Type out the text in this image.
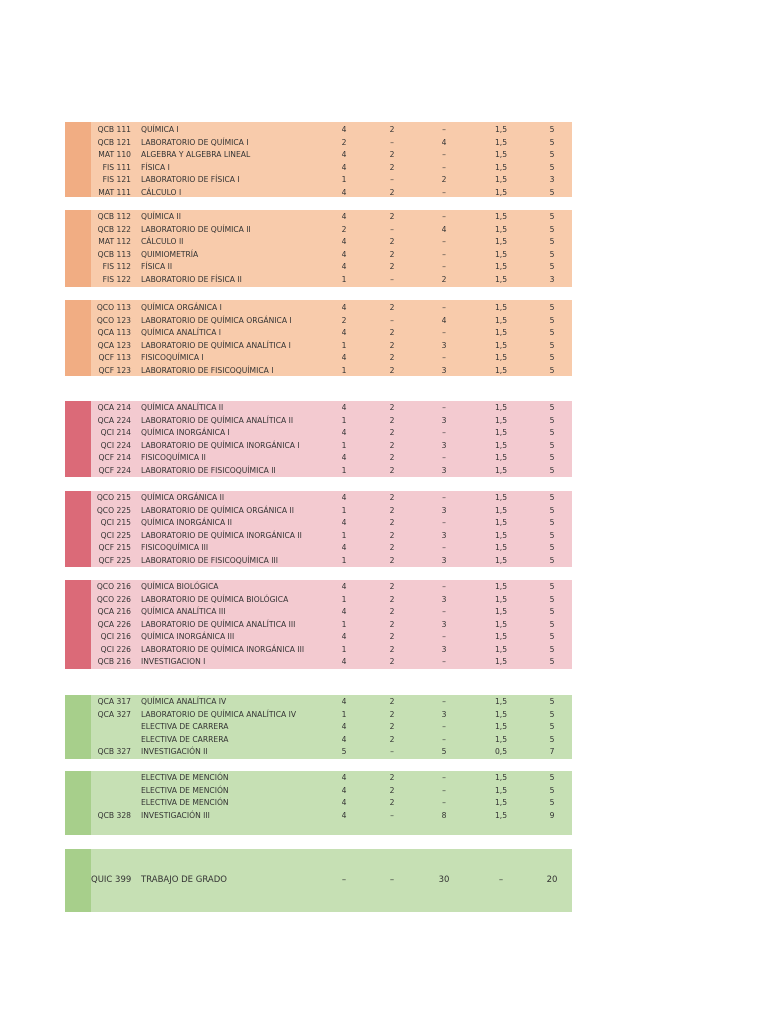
QCB 111 QUÍMICA I	4	2	–	1,5	5
QCB 121 LABORATORIO DE QUÍMICA I	2	–	4	1,5	5
MAT 110 ALGEBRA Y ALGEBRA LINEAL	4	2	–	1,5	5
FIS 111 FÍSICA I	4	2	–	1,5	5
FIS 121 LABORATORIO DE FÍSICA I	1	–	2	1,5	3
MAT 111 CÁLCULO I	4	2	–	1,5	5
QCB 112 QUÍMICA II	4	2	–	1,5	5
QCB 122 LABORATORIO DE QUÍMICA II	2	–	4	1,5	5
MAT 112 CÁLCULO II	4	2	–	1,5	5
QCB 113 QUIMIOMETRÍA	4	2	–	1,5	5
FIS 112 FÍSICA II	4	2	–	1,5	5
FIS 122 LABORATORIO DE FÍSICA II	1	–	2	1,5	3
QCO 113 QUÍMICA ORGÁNICA I	4	2	–	1,5	5
QCO 123 LABORATORIO DE QUÍMICA ORGÁNICA I	2	–	4	1,5	5
QCA 113 QUÍMICA ANALÍTICA I	4	2	–	1,5	5
QCA 123 LABORATORIO DE QUÍMICA ANALÍTICA I	1	2	3	1,5	5
QCF 113 FISICOQUÍMICA I	4	2	–	1,5	5
QCF 123 LABORATORIO DE FISICOQUÍMICA I	1	2	3	1,5	5
QCA 214 QUÍMICA ANALÍTICA II	4	2	–	1,5	5
QCA 224 LABORATORIO DE QUÍMICA ANALÍTICA II	1	2	3	1,5	5
QCI 214 QUÍMICA INORGÁNICA I	4	2	–	1,5	5
QCI 224 LABORATORIO DE QUÍMICA INORGÁNICA I	1	2	3	1,5	5
QCF 214 FISICOQUÍMICA II	4	2	–	1,5	5
QCF 224 LABORATORIO DE FISICOQUÍMICA II	1	2	3	1,5	5
QCO 215 QUÍMICA ORGÁNICA II	4	2	–	1,5	5
QCO 225 LABORATORIO DE QUÍMICA ORGÁNICA II	1	2	3	1,5	5
QCI 215 QUÍMICA INORGÁNICA II	4	2	–	1,5	5
QCI 225 LABORATORIO DE QUÍMICA INORGÁNICA II	1	2	3	1,5	5
QCF 215 FISICOQUÍMICA III	4	2	–	1,5	5
QCF 225 LABORATORIO DE FISICOQUÍMICA III	1	2	3	1,5	5
QCO 216 QUÍMICA BIOLÓGICA	4	2	–	1,5	5
QCO 226 LABORATORIO DE QUÍMICA BIOLÓGICA	1	2	3	1,5	5
QCA 216 QUÍMICA ANALÍTICA III	4	2	–	1,5	5
QCA 226 LABORATORIO DE QUÍMICA ANALÍTICA III	1	2	3	1,5	5
QCI 216 QUÍMICA INORGÁNICA III	4	2	–	1,5	5
QCI 226 LABORATORIO DE QUÍMICA INORGÁNICA III	1	2	3	1,5	5
QCB 216 INVESTIGACION I	4	2	–	1,5	5
QCA 317 QUÍMICA ANALÍTICA IV	4	2	–	1,5	5
QCA 327 LABORATORIO DE QUÍMICA ANALÍTICA IV	1	2	3	1,5	5
ELECTIVA DE CARRERA	4	2	–	1,5	5
ELECTIVA DE CARRERA	4	2	–	1,5	5
QCB 327 INVESTIGACIÓN II	5	–	5	0,5	7
ELECTIVA DE MENCIÓN	4	2	–	1,5	5
ELECTIVA DE MENCIÓN	4	2	–	1,5	5
ELECTIVA DE MENCIÓN	4	2	–	1,5	5
QCB 328 INVESTIGACIÓN III	4	–	8	1,5	9
QUIC 399 TRABAJO DE GRADO	–	–	30	–	20
